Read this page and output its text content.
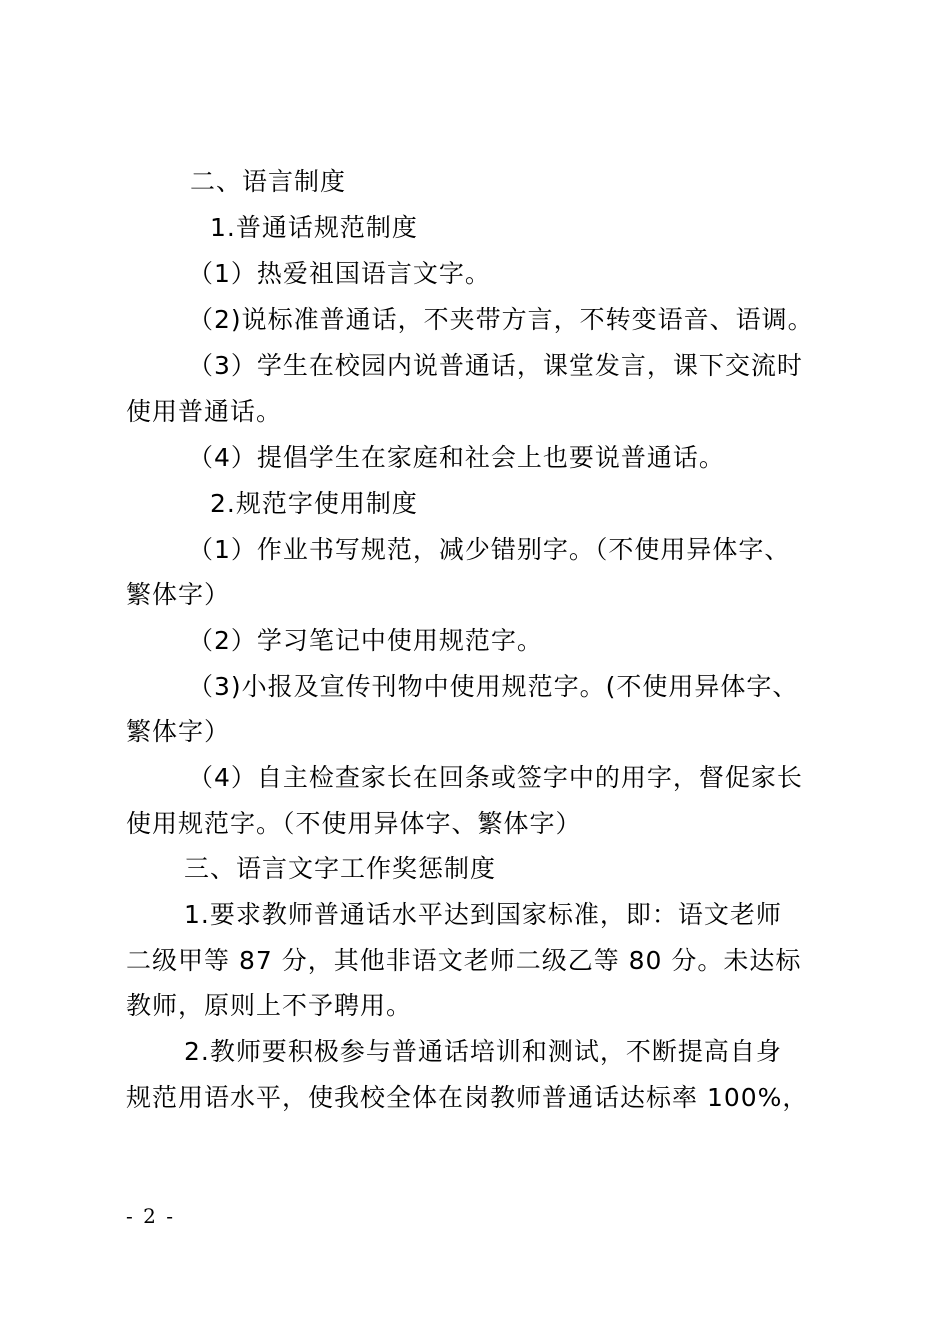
二、语言制度
1.普通话规范制度
（1）热爱祖国语言文字。
（2)说标准普通话，不夹带方言，不转变语音、语调。
（3）学生在校园内说普通话，课堂发言，课下交流时
使用普通话。
（4）提倡学生在家庭和社会上也要说普通话。
2.规范字使用制度
（1）作业书写规范，减少错别字。（不使用异体字、
繁体字）
（2）学习笔记中使用规范字。
（3)小报及宣传刊物中使用规范字。(不使用异体字、
繁体字）
（4）自主检查家长在回条或签字中的用字，督促家长
使用规范字。（不使用异体字、繁体字）
三、语言文字工作奖惩制度
1.要求教师普通话水平达到国家标准，即：语文老师
二级甲等 87 分，其他非语文老师二级乙等 80 分。未达标
教师，原则上不予聘用。
2.教师要积极参与普通话培训和测试，不断提高自身
规范用语水平，使我校全体在岗教师普通话达标率 100%，
- 2 -
